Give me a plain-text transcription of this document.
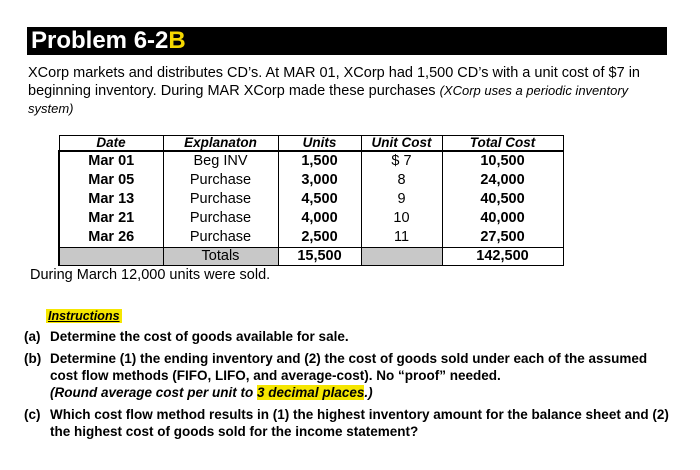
Problem 6-2B
XCorp markets and distributes CD’s. At MAR 01, XCorp had 1,500 CD’s with a unit cost of $7 in beginning inventory. During MAR XCorp made these purchases (XCorp uses a periodic inventory system)
Date	Explanaton	Units	Unit Cost	Total Cost
Mar 01	Beg INV	1,500	$ 7	10,500
Mar 05	Purchase	3,000	8	24,000
Mar 13	Purchase	4,500	9	40,500
Mar 21	Purchase	4,000	10	40,000
Mar 26	Purchase	2,500	11	27,500
	Totals	15,500		142,500
During March 12,000 units were sold.
Instructions
(a) Determine the cost of goods available for sale.
(b) Determine (1) the ending inventory and (2) the cost of goods sold under each of the assumed cost flow methods (FIFO, LIFO, and average-cost). No “proof” needed.
(Round average cost per unit to 3 decimal places.)
(c) Which cost flow method results in (1) the highest inventory amount for the balance sheet and (2) the highest cost of goods sold for the income statement?
